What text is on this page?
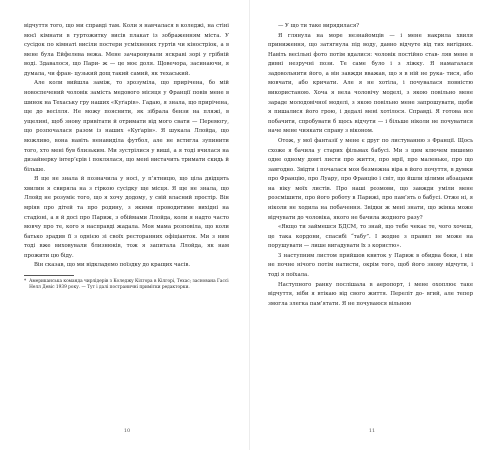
відчуття того, що ми справді там. Коли я навчалася в коледжі, на стіні моєї кімнати в гуртожитку висів плакат із зображенням міста. У сусідок по кімнаті висіли постери усміхнених гуртів чи кіностріок, а в мене була Ейфелева вежа. Мене зачаровували яскраві зорі у грібній воді. Здавалося, що Пари- ж — це моє доля. Щовечора, засинаючи, я думала, чи фран- цузький дощ такий самий, як техаський.

Але коли вийшла заміж, то зрозуміла, що прирічена, бо мій новоспечений чоловік замість медового місяця у Франції повів мене в шинок на Техаську гру наших «Куґарів». Гадаю, я знала, що прирічена, ще до весілля. Не можу пояснити, як зібрала бензи на пляжі, в ущелині, щоб знову привітати й отримати від мого свати — Перемогу, що розпочалася разом із наших «Куґарів». Я шукала Ллойда, що можливо, вона навіть ненавиділа футбол, але не встигла зупинити того, хто мені був близьким. Ми зустрілися у виші, а я тоді вчилася на дизайнерку інтер’єрів і поклялася, що мені вистачить тримати скидь й більше.

Я ще не знала й позначила у носі, у п’ятницю, що ціла двідцять хвилин я свиряла на з гіркою сусідку ще місця. Я ще не знала, що Ллойд не розуміє того, що я хочу додому, у свій власний простір. Він мріяв про дітей та про родину, з якими проводитиме вихідні на стадіоні, а я й досі про Париж, з обіймами Ллойда, коли я надто часто мовчу про те, кого я насправді жадала. Моя мама розповіла, що коли батько зрадив її з однією зі своїх ресторанних офіціанток. Ми з ним тоді вже виховували близнюків, тож я запитала Ллойда, як нам прожити цю біду.

Він сказав, що ми відкладемо поїздку до кращих часів.

* Американська команда чирлідерів з Коледжу Кілгора в Кілгорі, Техас; заснована Гассі Нелл Девіс 1939 року. — Тут і далі постраничні примітки редакторки.

— У що ти таке вирядилася?

Я глянула на море незнайомців — і мене накрила хвиля приниження, що затягнула під воду, давно відчуте від тих вигідних. Навіть весільні фото потім вдалися: чоловік постійно став- ляв мене в дивні незручні пози. Те саме було і з ліжку. Я намагалася задовольнити його, а він завжди вважав, що я в ній не рука- тися, або мовчати, або кричати. Але я не хотіла, і почувалася повністю використаною. Хоча я вела чоловічу моделі, з якою повільно мене зараде молодовічної моделі, з якою повільно мене запрошувати, щоби я пишалися його грою, і дедалі мені хотілося. Справді. Я готова все побачити, спробувати б щось відчути — і більше ніколи не почуватися наче мене чиякати справу з віконом.

Отож, у мої фантазії у мене є друг по листуванню з Франції. Щось схоже я бачила у старих фільмах бабусі. Ми з цим ключем пишемо одне одному довгі листи про життя, про мрії, про маленьке, про що завгодно. Звідти і почалася моя безмежна віра в його почуття, в думки про Францію, про Луару, про Францію і світ, що йшли цілими абзацами на віку моїх листів. Про наші розмови, що завжди уміли мене розсмішити, про його роботу в Парижі, про пам’ять о бабусі. Отже ні, я ніколи не ходила на побачення. Звідки ж мені знати, що жінка може відчувати до чоловіка, якого не бачила жодного разу?

«Якщо ти займешся БДСМ, то знай, що тебе чекає те, чого хочеш, це така кордони, спасибі “табу”. І жодне з правил не може на порушувати — лише вигадувати їх з користю».

З наступним листом прийшов квиток у Париж в обидва боки, і він не почне нічого потім натисти, окрім того, щоб його знову відчути, і тоді я поїхала.

Наступного ранку послішала в аеропорт, і мене охоплює таке відчуття, ніби я втікаю від свого життя. Переліт до- вгий, але тепер змогла злегка пам’ятати. Я не почуваюся вільною

10	11
